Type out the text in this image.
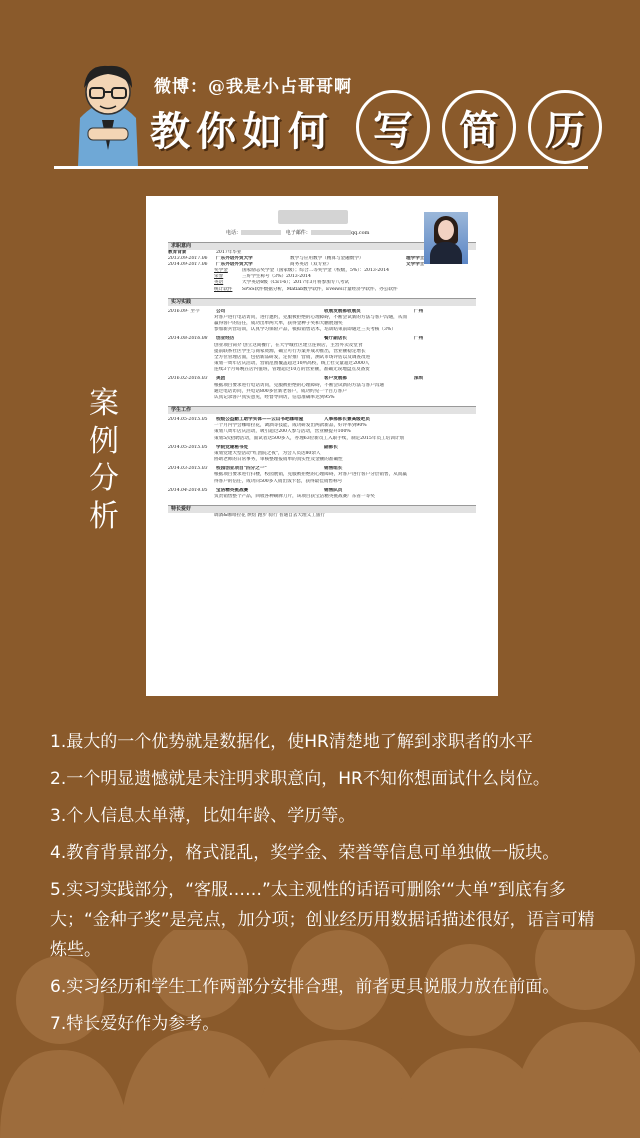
微博：@我是小占哥哥啊
教你如何 写	简	历
案例分析
电话：	电子邮件：	qq.com
求职意向
教育背景	2017年毕业
2013.09-2017.06 广东外语外贸大学	数学与应用数学（精算与金融数学）	理学学士
2014.09-2017.06 广东外语外贸大学	商务英语（双专业）	文学学士
奖学金	国家励志奖学金（国家级）；综合二等奖学金（校级，5%）：2013-2014
荣誉	三好学生称号（3%）2013-2014
英语	大学英语6级（CET-6）；2017年3月将参加专八考试
统计软件 SPSS软件数据分析，Matlab数学软件，Eveiws计量经济学软件、办公软件
实习实践
2016.09- 至今	公司	收展发展部收展员	广州
对客户进行电话访问，进行邀约，克服被拒绝的心理障碍，不断尝试新的方法与客户沟通，从而
赢得客户的信任，成功出单两大单，获得金种子奖和大鹏展翅奖
参加新兵营培训，认真学习保险产品，模拟销售话术，培训结束前即通过三关考核（3%）
2014.08-2016.08 创业经历	餐厅副店长	广州
创业项目简介 创立这间餐厅，在大学城社区建立连锁店，主营外卖及堂食
提前联系社区学生与商家资源，确立可行方案并成功推出，营业额稳定增长
全方位管理店面，包括新品研发，定价推广营销，测试市场评估以及调查改进
策划一周年店庆活动，营销范围覆盖超过10所高校，线上社交量超过2000人
连续3个月每晚在店内值班，管理超过10万的营业额，准确无误地盘点及备货
2016.02-2016.03 美团	客户发展部	深圳
根据项目要求进行电话访问，克服被拒绝的心理障碍，不断尝试新的方法与客户沟通
通过电话访问，共电话800多位新老客户，成功约见一个百万客户
认真记录客户真实意见，经督导回访，信息准确率达到95%
学生工作
2014.05-2015.05 校级公益勤工助学实体——云山书吧咖啡屋	人事部部长兼高级吧员
一个月内学会咖啡拉花，调酒等技能，成功研发出两款新品，好评率到90%
策划八周年店庆活动，吸引超过200人参与活动，营业额提升100%
策划5次招聘活动，面试者达500多人，办理63位新员工入职手续，制定2015年员工培训计划
2014.05-2015.05 学院党建秘书处	副部长
策划党建大型活动"红团院之夜"，为会人员达80余人
协助老师的日常事务，审核整理报销单的真实性及金额的准确性
2014.03-2015.03 校园创业项目"四分之一"	销售组长
根据项目要求进行扫楼，校园展销，克服被拒绝的心理障碍，对客户进行客户分层销售，从而赢
得客户的信任，成功向500多人销出饭卡套，获得最佳销售称号
2014.04-2014.05 宝洁精英挑战赛	销售队员
负责销售整个产品，回收各种刷牌刀片，该项目获宝洁精英挑战赛广东省一等奖
特长爱好
调酒&咖啡拉花 烘焙 跑步 骑行 普通自去大理义工旅行
1.最大的一个优势就是数据化，使HR清楚地了解到求职者的水平
2.一个明显遗憾就是未注明求职意向，HR不知你想面试什么岗位。
3.个人信息太单薄，比如年龄、学历等。
4.教育背景部分，格式混乱，奖学金、荣誉等信息可单独做一版块。
5.实习实践部分，“客服……”太主观性的话语可删除‘“大单”到底有多大；“金种子奖”是亮点，加分项；创业经历用数据话描述很好，语言可精炼些。
6.实习经历和学生工作两部分安排合理，前者更具说服力放在前面。
7.特长爱好作为参考。
